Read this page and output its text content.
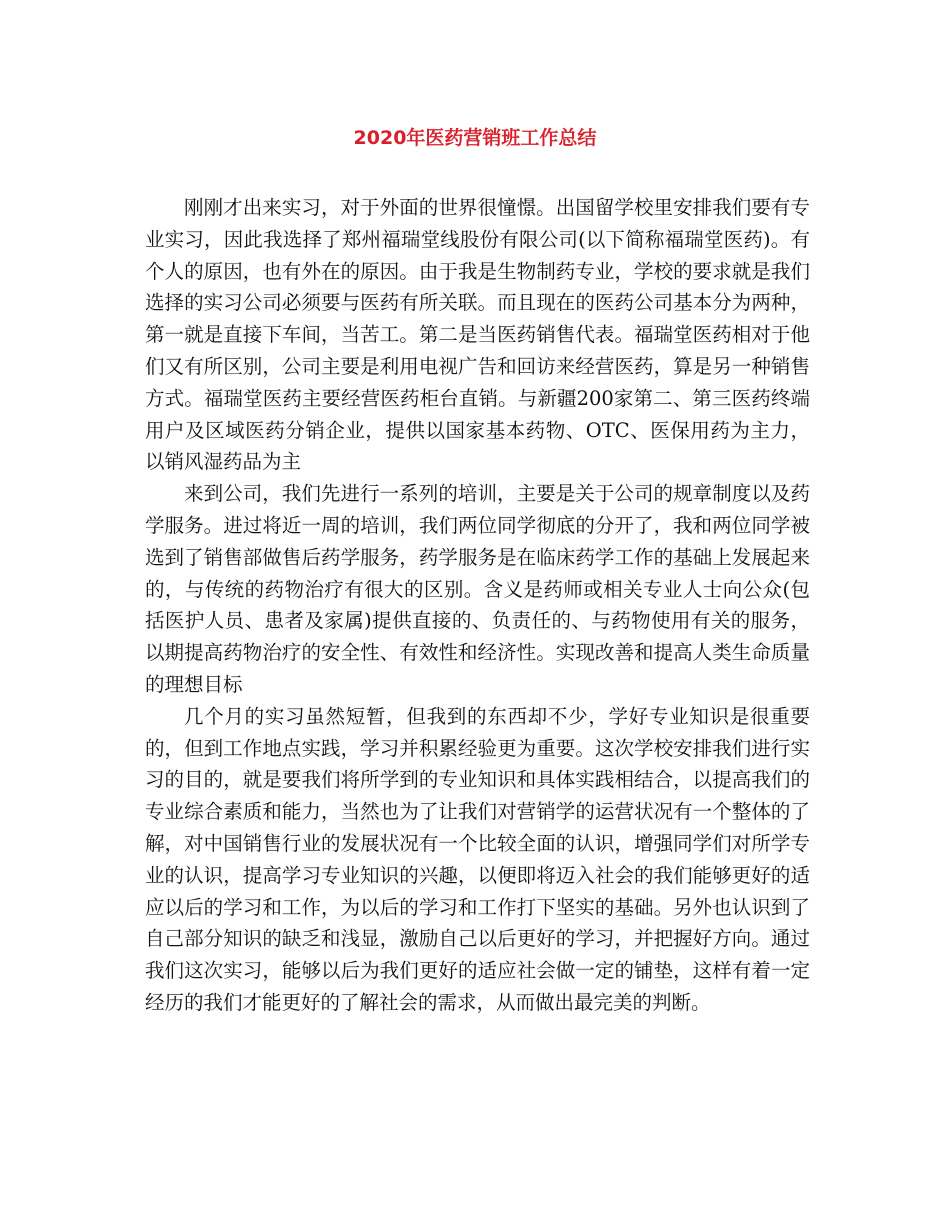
2020年医药营销班工作总结

刚刚才出来实习，对于外面的世界很憧憬。出国留学校里安排我们要有专业实习，因此我选择了郑州福瑞堂线股份有限公司(以下简称福瑞堂医药)。有个人的原因，也有外在的原因。由于我是生物制药专业，学校的要求就是我们选择的实习公司必须要与医药有所关联。而且现在的医药公司基本分为两种，第一就是直接下车间，当苦工。第二是当医药销售代表。福瑞堂医药相对于他们又有所区别，公司主要是利用电视广告和回访来经营医药，算是另一种销售方式。福瑞堂医药主要经营医药柜台直销。与新疆200家第二、第三医药终端用户及区域医药分销企业，提供以国家基本药物、OTC、医保用药为主力，以销风湿药品为主

来到公司，我们先进行一系列的培训，主要是关于公司的规章制度以及药学服务。进过将近一周的培训，我们两位同学彻底的分开了，我和两位同学被选到了销售部做售后药学服务，药学服务是在临床药学工作的基础上发展起来的，与传统的药物治疗有很大的区别。含义是药师或相关专业人士向公众(包括医护人员、患者及家属)提供直接的、负责任的、与药物使用有关的服务，以期提高药物治疗的安全性、有效性和经济性。实现改善和提高人类生命质量的理想目标

几个月的实习虽然短暂，但我到的东西却不少，学好专业知识是很重要的，但到工作地点实践，学习并积累经验更为重要。这次学校安排我们进行实习的目的，就是要我们将所学到的专业知识和具体实践相结合，以提高我们的专业综合素质和能力，当然也为了让我们对营销学的运营状况有一个整体的了解，对中国销售行业的发展状况有一个比较全面的认识，增强同学们对所学专业的认识，提高学习专业知识的兴趣，以便即将迈入社会的我们能够更好的适应以后的学习和工作，为以后的学习和工作打下坚实的基础。另外也认识到了自己部分知识的缺乏和浅显，激励自己以后更好的学习，并把握好方向。通过我们这次实习，能够以后为我们更好的适应社会做一定的铺垫，这样有着一定经历的我们才能更好的了解社会的需求，从而做出最完美的判断。
